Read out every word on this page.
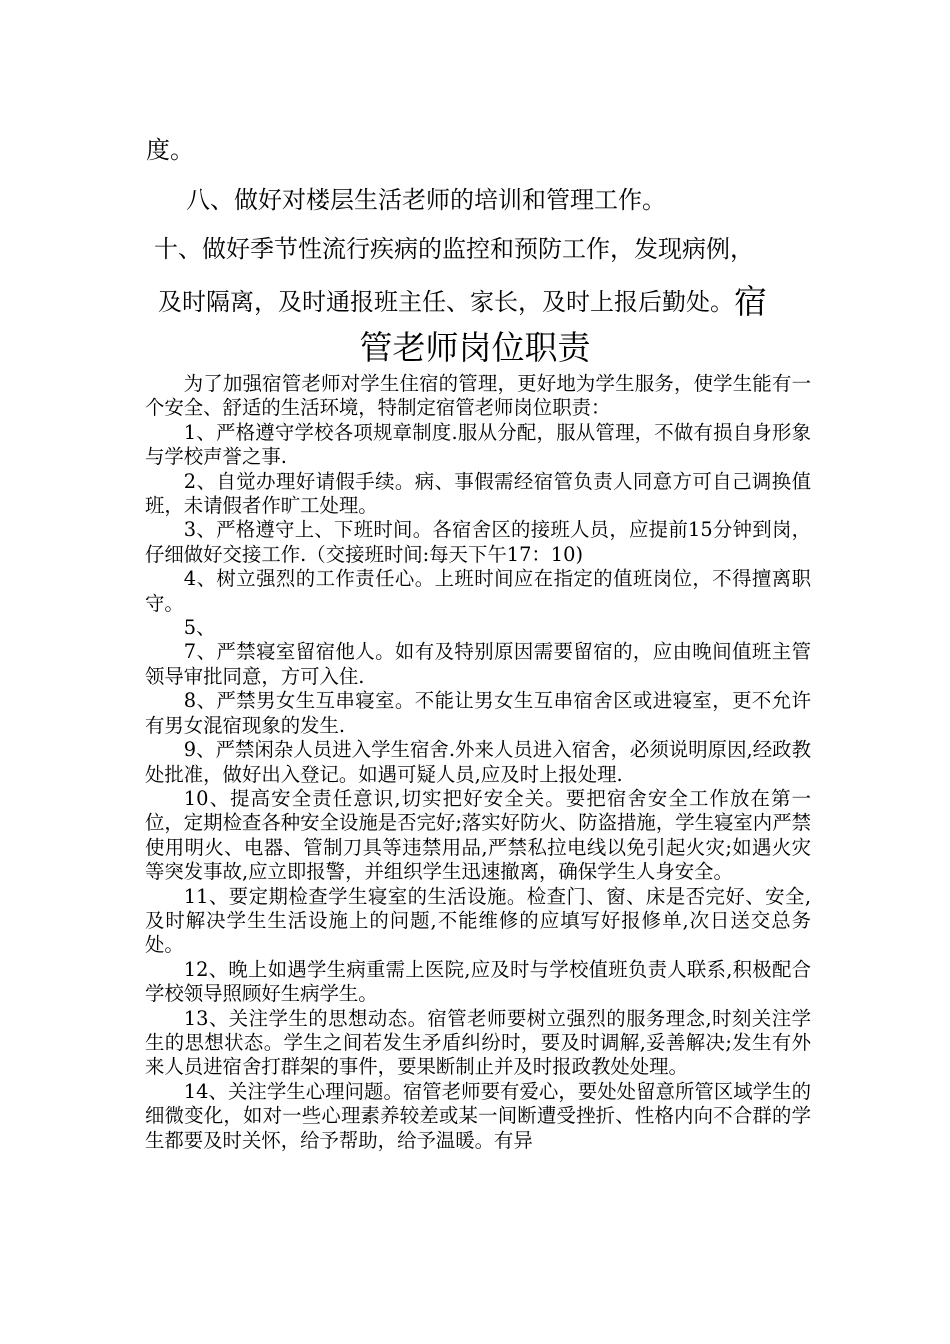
度。
八、做好对楼层生活老师的培训和管理工作。
十、做好季节性流行疾病的监控和预防工作，发现病例，
及时隔离，及时通报班主任、家长，及时上报后勤处。宿
管老师岗位职责

为了加强宿管老师对学生住宿的管理，更好地为学生服务，使学生能有一个安全、舒适的生活环境，特制定宿管老师岗位职责：

1、严格遵守学校各项规章制度.服从分配，服从管理，不做有损自身形象与学校声誉之事.

2、自觉办理好请假手续。病、事假需经宿管负责人同意方可自己调换值班，未请假者作旷工处理。

3、严格遵守上、下班时间。各宿舍区的接班人员，应提前15分钟到岗，仔细做好交接工作.（交接班时间:每天下午17：10)

4、树立强烈的工作责任心。上班时间应在指定的值班岗位，不得擅离职守。

5、

7、严禁寝室留宿他人。如有及特别原因需要留宿的，应由晚间值班主管领导审批同意，方可入住.

8、严禁男女生互串寝室。不能让男女生互串宿舍区或进寝室，更不允许有男女混宿现象的发生.

9、严禁闲杂人员进入学生宿舍.外来人员进入宿舍，必须说明原因,经政教处批准，做好出入登记。如遇可疑人员,应及时上报处理.

10、提高安全责任意识,切实把好安全关。要把宿舍安全工作放在第一位，定期检查各种安全设施是否完好;落实好防火、防盗措施，学生寝室内严禁使用明火、电器、管制刀具等违禁用品,严禁私拉电线以免引起火灾;如遇火灾等突发事故,应立即报警，并组织学生迅速撤离，确保学生人身安全。

11、要定期检查学生寝室的生活设施。检查门、窗、床是否完好、安全,及时解决学生生活设施上的问题,不能维修的应填写好报修单,次日送交总务处。

12、晚上如遇学生病重需上医院,应及时与学校值班负责人联系,积极配合学校领导照顾好生病学生。

13、关注学生的思想动态。宿管老师要树立强烈的服务理念,时刻关注学生的思想状态。学生之间若发生矛盾纠纷时，要及时调解,妥善解决;发生有外来人员进宿舍打群架的事件，要果断制止并及时报政教处处理。

14、关注学生心理问题。宿管老师要有爱心，要处处留意所管区域学生的细微变化，如对一些心理素养较差或某一间断遭受挫折、性格内向不合群的学生都要及时关怀，给予帮助，给予温暖。有异
